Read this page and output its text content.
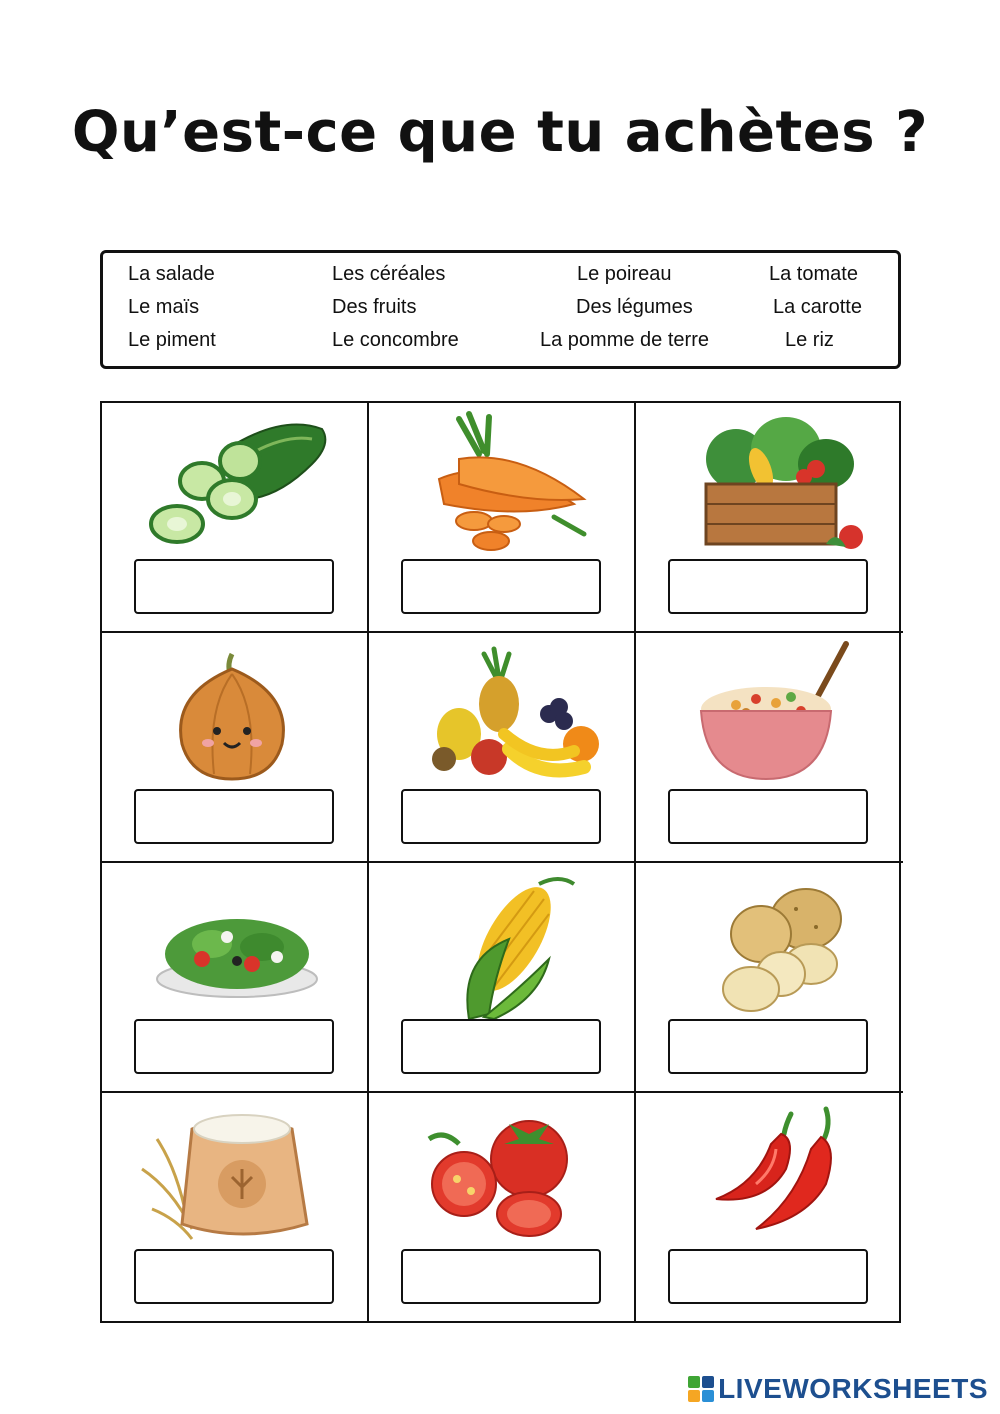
Qu’est-ce que tu achètes ?
La salade	Les céréales	Le poireau	La tomate
Le maïs	Des fruits	Des légumes	La carotte
Le piment	Le concombre	La pomme de terre	Le riz
LIVEWORKSHEETS
